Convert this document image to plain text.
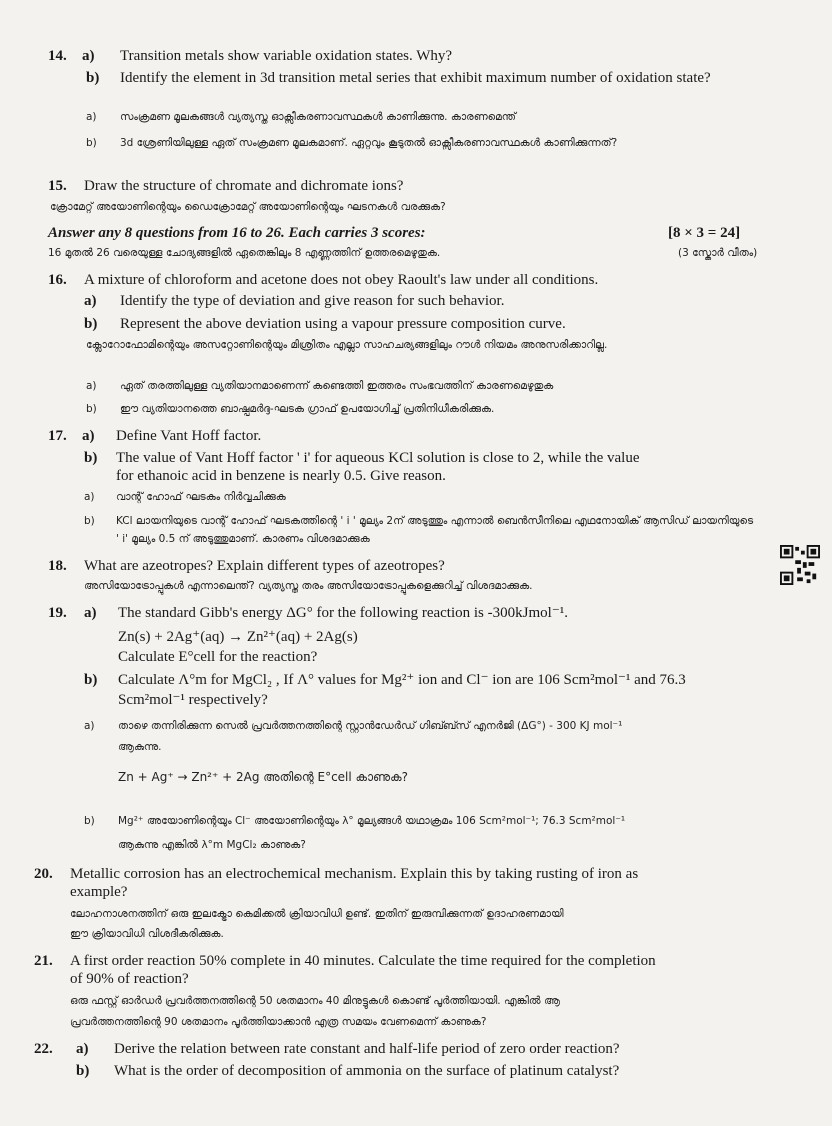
14. a) Transition metals show variable oxidation states. Why?
b) Identify the element in 3d transition metal series that exhibit maximum number of oxidation state?
a) സംക്രമണ മൂലകങ്ങൾ വ്യത്യസ്ത ഓക്സീകരണാവസ്ഥകൾ കാണിക്കുന്നു. കാരണമെന്ത്
b) 3d ശ്രേണിയിലുള്ള ഏത് സംക്രമണ മൂലകമാണ്. ഏറ്റവും കൂടുതൽ ഓക്സീകരണാവസ്ഥകൾ കാണിക്കുന്നത്?
15. Draw the structure of chromate and dichromate ions?
ക്രോമേറ്റ് അയോണിന്റെയും ഡൈക്രോമേറ്റ് അയോണിന്റെയും ഘടനകൾ വരക്കുക?
Answer any 8 questions from 16 to 26. Each carries 3 scores:	[8 × 3 = 24]
16 മുതൽ 26 വരെയുള്ള ചോദ്യങ്ങളിൽ ഏതെങ്കിലും 8 എണ്ണത്തിന് ഉത്തരമെഴുതുക.	(3 സ്കോർ വീതം)
16. A mixture of chloroform and acetone does not obey Raoult's law under all conditions.
a) Identify the type of deviation and give reason for such behavior.
b) Represent the above deviation using a vapour pressure composition curve.
ക്ലോറോഫോമിന്റെയും അസറ്റോണിന്റെയും മിശ്രിതം എല്ലാ സാഹചര്യങ്ങളിലും റൗൾ നിയമം അനുസരിക്കാറില്ല.
a) ഏത് തരത്തിലുള്ള വ്യതിയാനമാണെന്ന് കണ്ടെത്തി ഇത്തരം സംഭവത്തിന് കാരണമെഴുതുക
b) ഈ വ്യതിയാനത്തെ ബാഷ്പമർദ്ദ-ഘടക ഗ്രാഫ് ഉപയോഗിച്ച് പ്രതിനിധീകരിക്കുക.
17. a) Define Vant Hoff factor.
b) The value of Vant Hoff factor ' i' for aqueous KCl solution is close to 2, while the value
for ethanoic acid in benzene is nearly 0.5. Give reason.
a) വാന്റ് ഹോഫ് ഘടകം നിർവ്വചിക്കുക
b) KCl ലായനിയുടെ വാന്റ് ഹോഫ് ഘടകത്തിന്റെ ' i ' മൂല്യം 2ന് അടുത്തും എന്നാൽ ബെൻസീനിലെ എഥനോയിക് ആസിഡ് ലായനിയുടെ ' i' മൂല്യം 0.5 ന് അടുത്തുമാണ്. കാരണം വിശദമാക്കുക
18. What are azeotropes? Explain different types of azeotropes?
അസിയോട്രോപ്പുകൾ എന്നാലെന്ത്? വ്യത്യസ്ത തരം അസിയോട്രോപ്പുകളെക്കുറിച്ച് വിശദമാക്കുക.
19. a) The standard Gibb's energy ΔG° for the following reaction is -300kJmol⁻¹.
Zn(s) + 2Ag⁺(aq) → Zn²⁺(aq) + 2Ag(s)
Calculate E°cell for the reaction?
b) Calculate Λ°m for MgCl₂ , If Λ° values for Mg²⁺ ion and Cl⁻ ion are 106 Scm²mol⁻¹ and 76.3
Scm²mol⁻¹ respectively?
a) താഴെ തന്നിരിക്കുന്ന സെൽ പ്രവർത്തനത്തിന്റെ സ്റ്റാൻഡേർഡ് ഗിബ്ബ്സ് എനർജി (ΔG°) - 300 KJ mol⁻¹
ആകുന്നു.
Zn + Ag⁺ → Zn²⁺ + 2Ag അതിന്റെ E°cell കാണുക?
b) Mg²⁺ അയോണിന്റെയും Cl⁻ അയോണിന്റെയും λ° മൂല്യങ്ങൾ യഥാക്രമം 106 Scm²mol⁻¹; 76.3 Scm²mol⁻¹
ആകുന്നു എങ്കിൽ λ°m MgCl₂ കാണുക?
20. Metallic corrosion has an electrochemical mechanism. Explain this by taking rusting of iron as
example?
ലോഹനാശനത്തിന് ഒരു ഇലക്ട്രോ കെമിക്കൽ ക്രിയാവിധി ഉണ്ട്. ഇതിന് ഇരുമ്പിക്കുന്നത് ഉദാഹരണമായി
ഈ ക്രിയാവിധി വിശദീകരിക്കുക.
21. A first order reaction 50% complete in 40 minutes. Calculate the time required for the completion
of 90% of reaction?
ഒരു ഫസ്റ്റ് ഓർഡർ പ്രവർത്തനത്തിന്റെ 50 ശതമാനം 40 മിനുട്ടുകൾ കൊണ്ട് പൂർത്തിയായി. എങ്കിൽ ആ
പ്രവർത്തനത്തിന്റെ 90 ശതമാനം പൂർത്തിയാക്കാൻ എത്ര സമയം വേണമെന്ന് കാണുക?
22. a) Derive the relation between rate constant and half-life period of zero order reaction?
b) What is the order of decomposition of ammonia on the surface of platinum catalyst?
